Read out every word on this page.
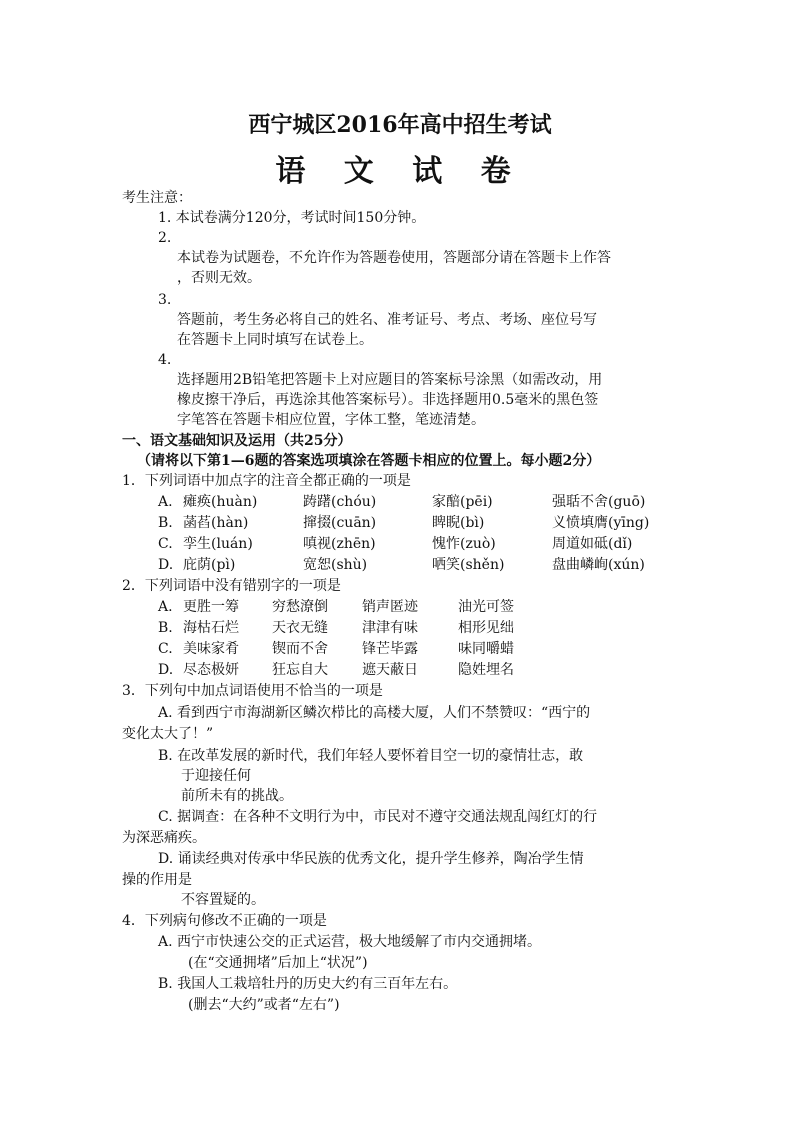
西宁城区2016年高中招生考试
语 文 试 卷
考生注意：
1. 本试卷满分120分，考试时间150分钟。
2.
本试卷为试题卷，不允许作为答题卷使用，答题部分请在答题卡上作答
，否则无效。
3.
答题前，考生务必将自己的姓名、准考证号、考点、考场、座位号写
在答题卡上同时填写在试卷上。
4.
选择题用2B铅笔把答题卡上对应题目的答案标号涂黑（如需改动，用
橡皮擦干净后，再选涂其他答案标号）。非选择题用0.5毫米的黑色签
字笔答在答题卡相应位置，字体工整，笔迹清楚。
一、语文基础知识及运用（共25分）
（请将以下第1—6题的答案选项填涂在答题卡相应的位置上。每小题2分）
1．下列词语中加点字的注音全都正确的一项是
A. 瘫痪(huàn)	踌躇(chóu)	家醅(pēi)	强聒不舍(guō)
B. 菡萏(hàn)	撺掇(cuān)	睥睨(bì)	义愤填膺(yīng)
C. 孪生(luán)	嗔视(zhēn)	愧怍(zuò)	周道如砥(dǐ)
D. 庇荫(pì)	宽恕(shù)	哂笑(shěn)	盘曲嶙峋(xún)
2．下列词语中没有错别字的一项是
A. 更胜一筹 穷愁潦倒 销声匿迹	油光可签
B. 海枯石烂 天衣无缝 津津有味	相形见绌
C. 美味家肴 锲而不舍 锋芒毕露	味同嚼蜡
D. 尽态极妍 狂忘自大 遮天蔽日	隐姓埋名
3．下列句中加点词语使用不恰当的一项是
A. 看到西宁市海湖新区鳞次栉比的高楼大厦，人们不禁赞叹：“西宁的
变化太大了！”
B. 在改革发展的新时代，我们年轻人要怀着目空一切的豪情壮志，敢
于迎接任何
前所未有的挑战。
C. 据调查：在各种不文明行为中，市民对不遵守交通法规乱闯红灯的行
为深恶痛疾。
D. 诵读经典对传承中华民族的优秀文化，提升学生修养，陶冶学生情
操的作用是
不容置疑的。
4．下列病句修改不正确的一项是
A. 西宁市快速公交的正式运营，极大地缓解了市内交通拥堵。
(在“交通拥堵”后加上“状况”)
B. 我国人工栽培牡丹的历史大约有三百年左右。
(删去“大约”或者“左右”)
